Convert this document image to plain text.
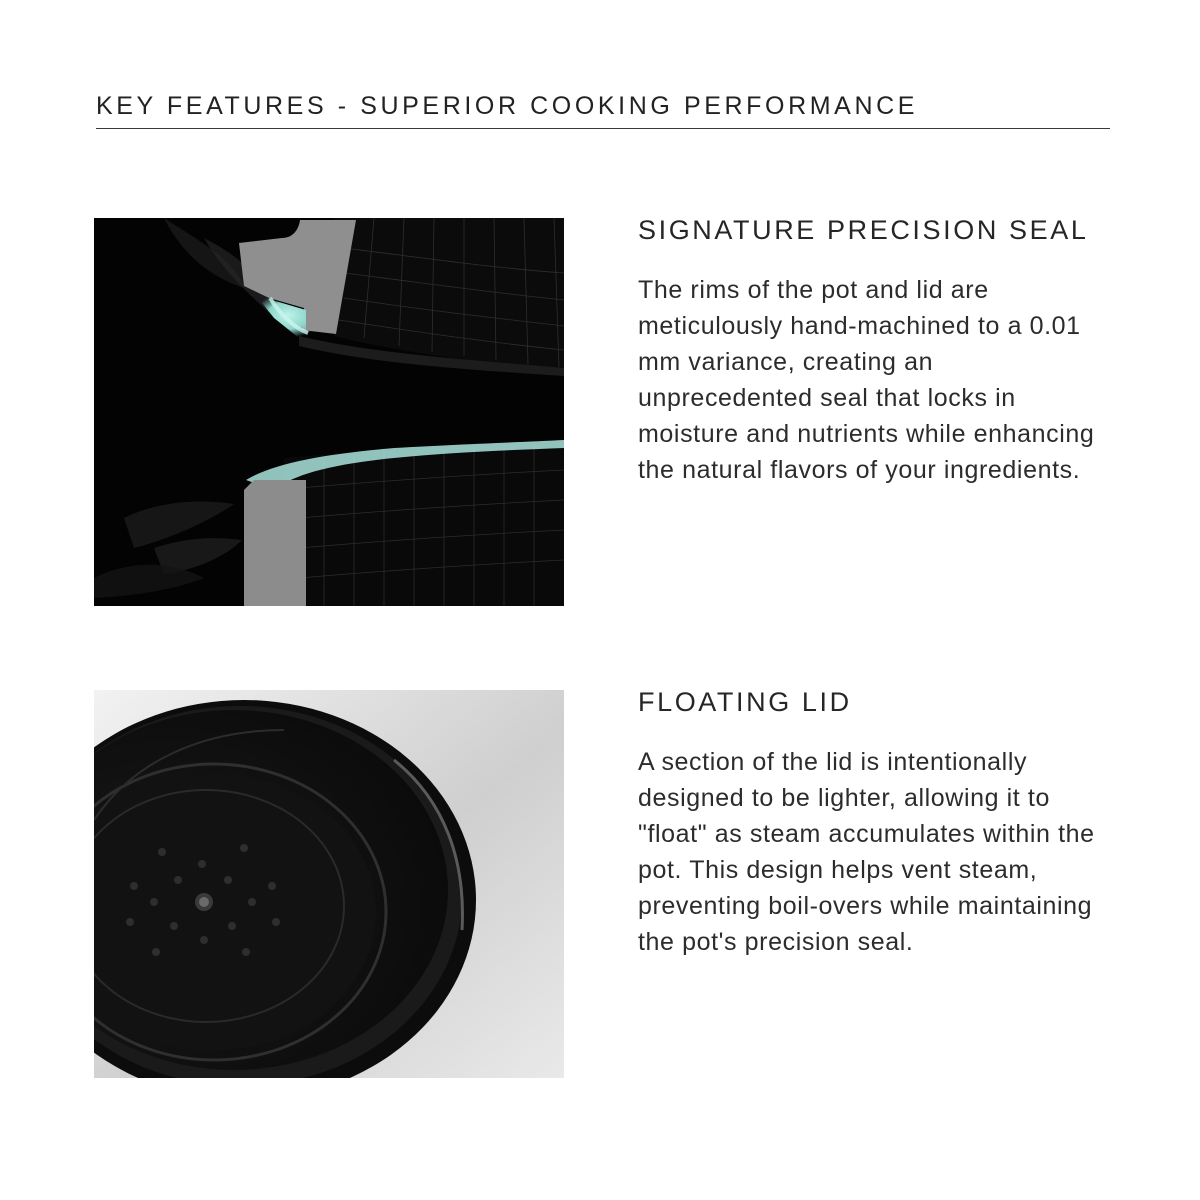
KEY FEATURES - SUPERIOR COOKING PERFORMANCE
SIGNATURE PRECISION SEAL

The rims of the pot and lid are meticulously hand-machined to a 0.01 mm variance, creating an unprecedented seal that locks in moisture and nutrients while enhancing the natural flavors of your ingredients.

FLOATING LID

A section of the lid is intentionally designed to be lighter, allowing it to "float" as steam accumulates within the pot. This design helps vent steam, preventing boil-overs while maintaining the pot's precision seal.
